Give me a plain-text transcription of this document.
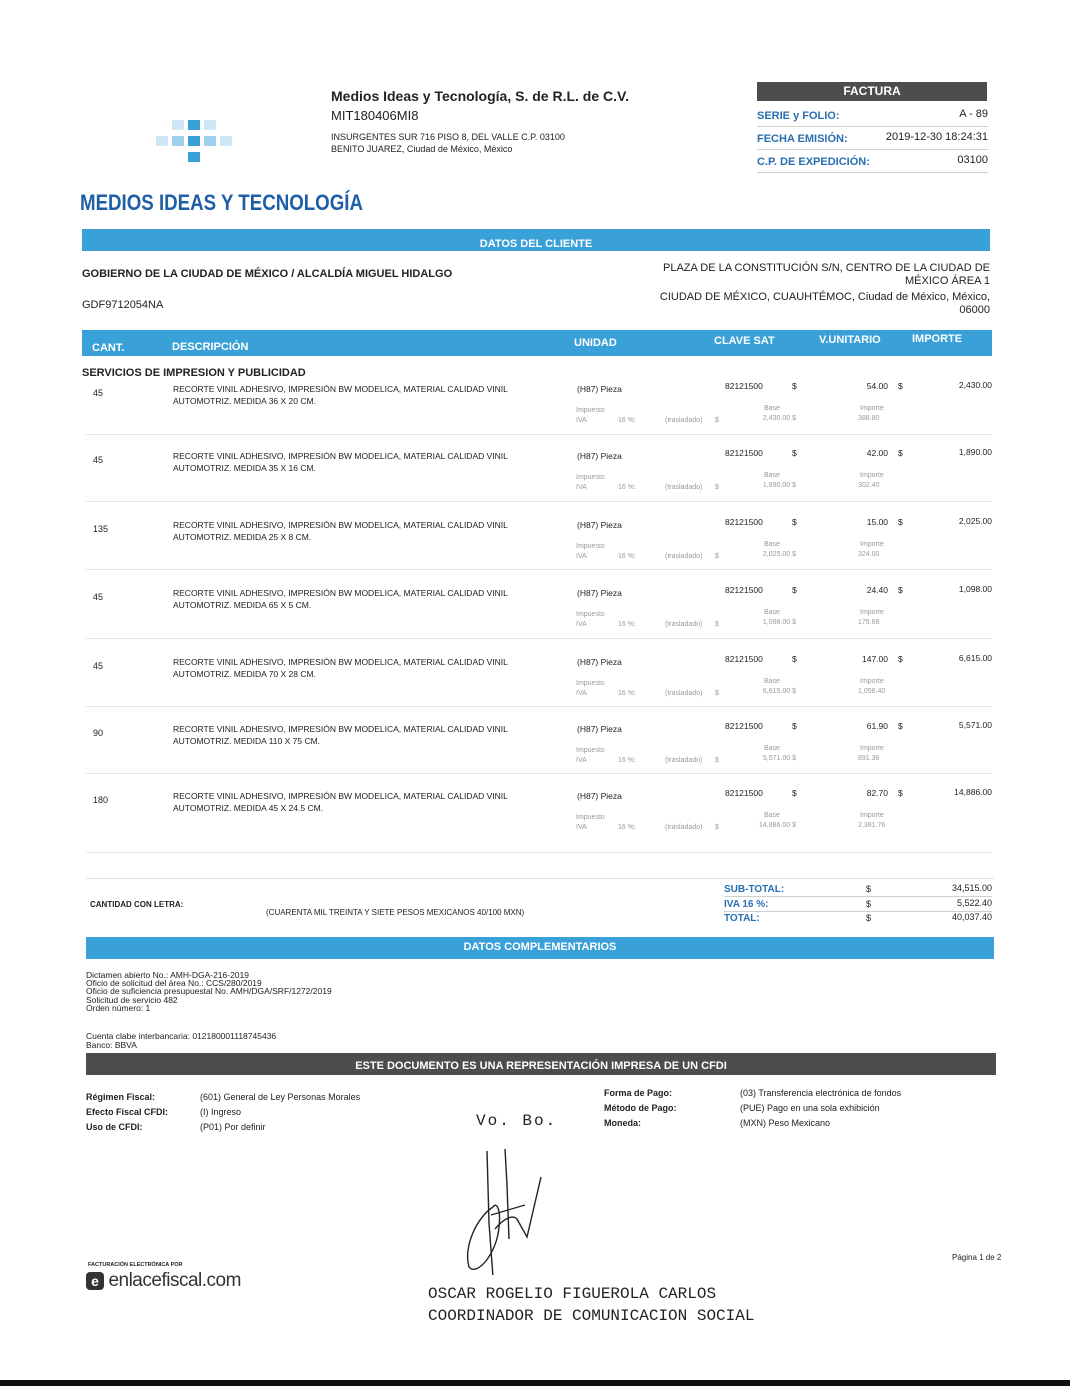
MEDIOS IDEAS Y TECNOLOGÍA
Medios Ideas y Tecnología, S. de R.L. de C.V.
MIT180406MI8
INSURGENTES SUR 716 PISO 8, DEL VALLE C.P. 03100
BENITO JUAREZ, Ciudad de México, México
FACTURA
SERIE y FOLIO:	A - 89
FECHA EMISIÓN:	2019-12-30 18:24:31
C.P. DE EXPEDICIÓN:	03100
DATOS DEL CLIENTE
GOBIERNO DE LA CIUDAD DE MÉXICO / ALCALDÍA MIGUEL HIDALGO
GDF9712054NA
PLAZA DE LA CONSTITUCIÓN S/N, CENTRO DE LA CIUDAD DE
MÉXICO ÁREA 1
CIUDAD DE MÉXICO, CUAUHTÉMOC, Ciudad de México, México,
06000
CANT.	DESCRIPCIÓN	UNIDAD	CLAVE SAT	V.UNITARIO	IMPORTE
SERVICIOS DE IMPRESION Y PUBLICIDAD
45	RECORTE VINIL ADHESIVO, IMPRESIÓN BW MODELICA, MATERIAL CALIDAD VINIL
AUTOMOTRIZ. MEDIDA 36 X 20 CM.
(H87) Pieza	82121500	$	54.00 $	2,430.00
Impuesto
IVA	16 %:	(trasladado) $
Base
2,430.00 $
Importe
388.80
45	RECORTE VINIL ADHESIVO, IMPRESIÓN BW MODELICA, MATERIAL CALIDAD VINIL
AUTOMOTRIZ. MEDIDA 35 X 16 CM.
(H87) Pieza	82121500	$	42.00 $	1,890.00
Impuesto
IVA	16 %:	(trasladado) $
Base
1,890.00 $
Importe
302.40
135	RECORTE VINIL ADHESIVO, IMPRESIÓN BW MODELICA, MATERIAL CALIDAD VINIL
AUTOMOTRIZ. MEDIDA 25 X 8 CM.
(H87) Pieza	82121500	$	15.00 $	2,025.00
Impuesto
IVA	16 %:	(trasladado) $
Base
2,025.00 $
Importe
324.00
45	RECORTE VINIL ADHESIVO, IMPRESIÓN BW MODELICA, MATERIAL CALIDAD VINIL
AUTOMOTRIZ. MEDIDA 65 X 5 CM.
(H87) Pieza	82121500	$	24.40 $	1,098.00
Impuesto
IVA	16 %:	(trasladado) $
Base
1,098.00 $
Importe
175.68
45	RECORTE VINIL ADHESIVO, IMPRESIÓN BW MODELICA, MATERIAL CALIDAD VINIL
AUTOMOTRIZ. MEDIDA 70 X 28 CM.
(H87) Pieza	82121500	$	147.00 $	6,615.00
Impuesto
IVA	16 %:	(trasladado) $
Base
6,615.00 $
Importe
1,058.40
90	RECORTE VINIL ADHESIVO, IMPRESIÓN BW MODELICA, MATERIAL CALIDAD VINIL
AUTOMOTRIZ. MEDIDA 110 X 75 CM.
(H87) Pieza	82121500	$	61.90 $	5,571.00
Impuesto
IVA	16 %:	(trasladado) $
Base
5,571.00 $
Importe
891.36
180	RECORTE VINIL ADHESIVO, IMPRESIÓN BW MODELICA, MATERIAL CALIDAD VINIL
AUTOMOTRIZ. MEDIDA 45 X 24.5 CM.
(H87) Pieza	82121500	$	82.70 $	14,886.00
Impuesto
IVA	16 %:	(trasladado) $
Base
14,886.00 $
Importe
2,381.76
CANTIDAD CON LETRA:
(CUARENTA MIL TREINTA Y SIETE PESOS MEXICANOS 40/100 MXN)
SUB-TOTAL:	$	34,515.00
IVA 16 %:	$	5,522.40
TOTAL:	$	40,037.40
DATOS COMPLEMENTARIOS
Dictamen abierto No.: AMH-DGA-216-2019
Oficio de solicitud del área No.: CCS/280/2019
Oficio de suficiencia presupuestal No. AMH/DGA/SRF/1272/2019
Solicitud de servicio 482
Orden número: 1
Cuenta clabe interbancaria: 012180001118745436
Banco: BBVA
ESTE DOCUMENTO ES UNA REPRESENTACIÓN IMPRESA DE UN CFDI
Régimen Fiscal:	(601) General de Ley Personas Morales
Efecto Fiscal CFDI:	(I) Ingreso
Uso de CFDI:	(P01) Por definir
Forma de Pago:	(03) Transferencia electrónica de fondos
Método de Pago:	(PUE) Pago en una sola exhibición
Moneda:	(MXN) Peso Mexicano
Vo. Bo.
OSCAR ROGELIO FIGUEROLA CARLOS
COORDINADOR DE COMUNICACION SOCIAL
FACTURACIÓN ELECTRÓNICA POR
e enlacefiscal.com
Página 1 de 2
